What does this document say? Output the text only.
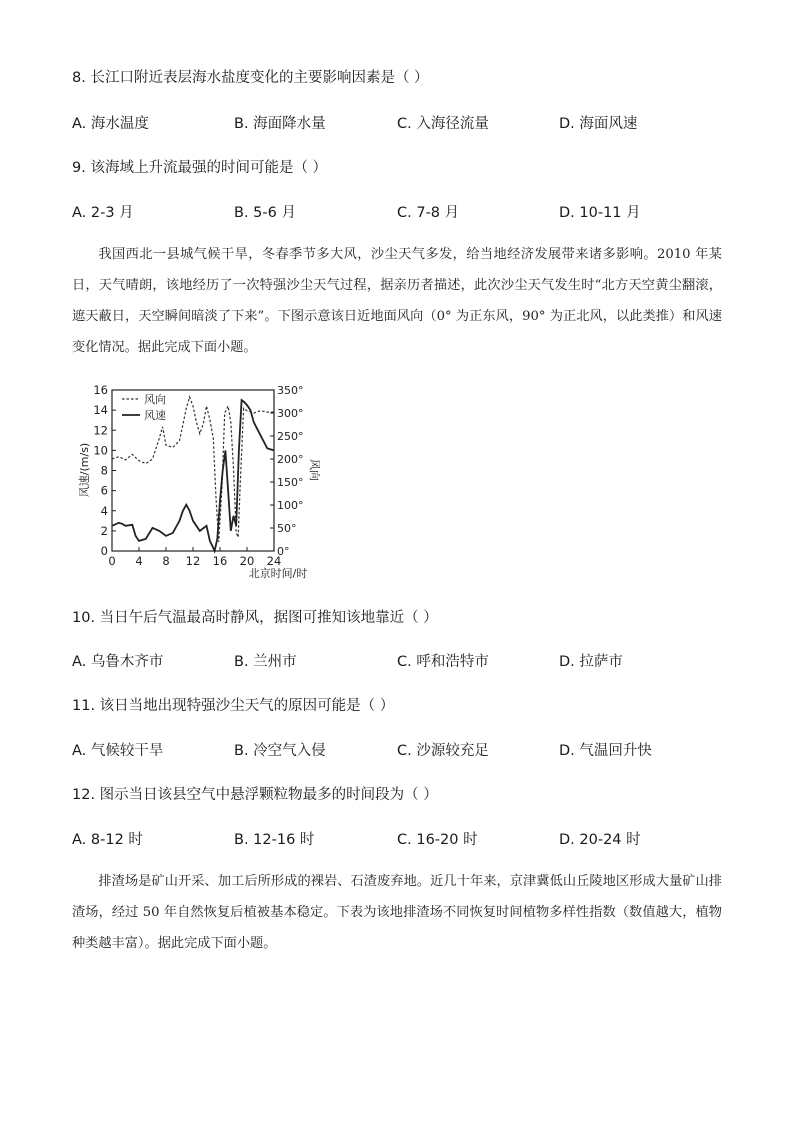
8. 长江口附近表层海水盐度变化的主要影响因素是（ ）
A. 海水温度	B. 海面降水量	C. 入海径流量	D. 海面风速
9. 该海域上升流最强的时间可能是（ ）
A. 2-3 月	B. 5-6 月	C. 7-8 月	D. 10-11 月

我国西北一县城气候干旱，冬春季节多大风，沙尘天气多发，给当地经济发展带来诸多影响。2010 年某日，天气晴朗，该地经历了一次特强沙尘天气过程，据亲历者描述，此次沙尘天气发生时“北方天空黄尘翻滚，遮天蔽日，天空瞬间暗淡了下来”。下图示意该日近地面风向（0° 为正东风，90° 为正北风，以此类推）和风速变化情况。据此完成下面小题。

0
2
4
6
8
10
12
14
16
0°
50°
100°
150°
200°
250°
300°
350°
0 4 8 12 16 20 24
风向
风速
风速/(m/s)	风向
北京时间/时
10. 当日午后气温最高时静风，据图可推知该地靠近（ ）
A. 乌鲁木齐市	B. 兰州市	C. 呼和浩特市	D. 拉萨市
11. 该日当地出现特强沙尘天气的原因可能是（ ）
A. 气候较干旱	B. 冷空气入侵	C. 沙源较充足	D. 气温回升快
12. 图示当日该县空气中悬浮颗粒物最多的时间段为（ ）
A. 8-12 时	B. 12-16 时	C. 16-20 时	D. 20-24 时

排渣场是矿山开采、加工后所形成的裸岩、石渣废弃地。近几十年来，京津冀低山丘陵地区形成大量矿山排渣场，经过 50 年自然恢复后植被基本稳定。下表为该地排渣场不同恢复时间植物多样性指数（数值越大，植物种类越丰富）。据此完成下面小题。
